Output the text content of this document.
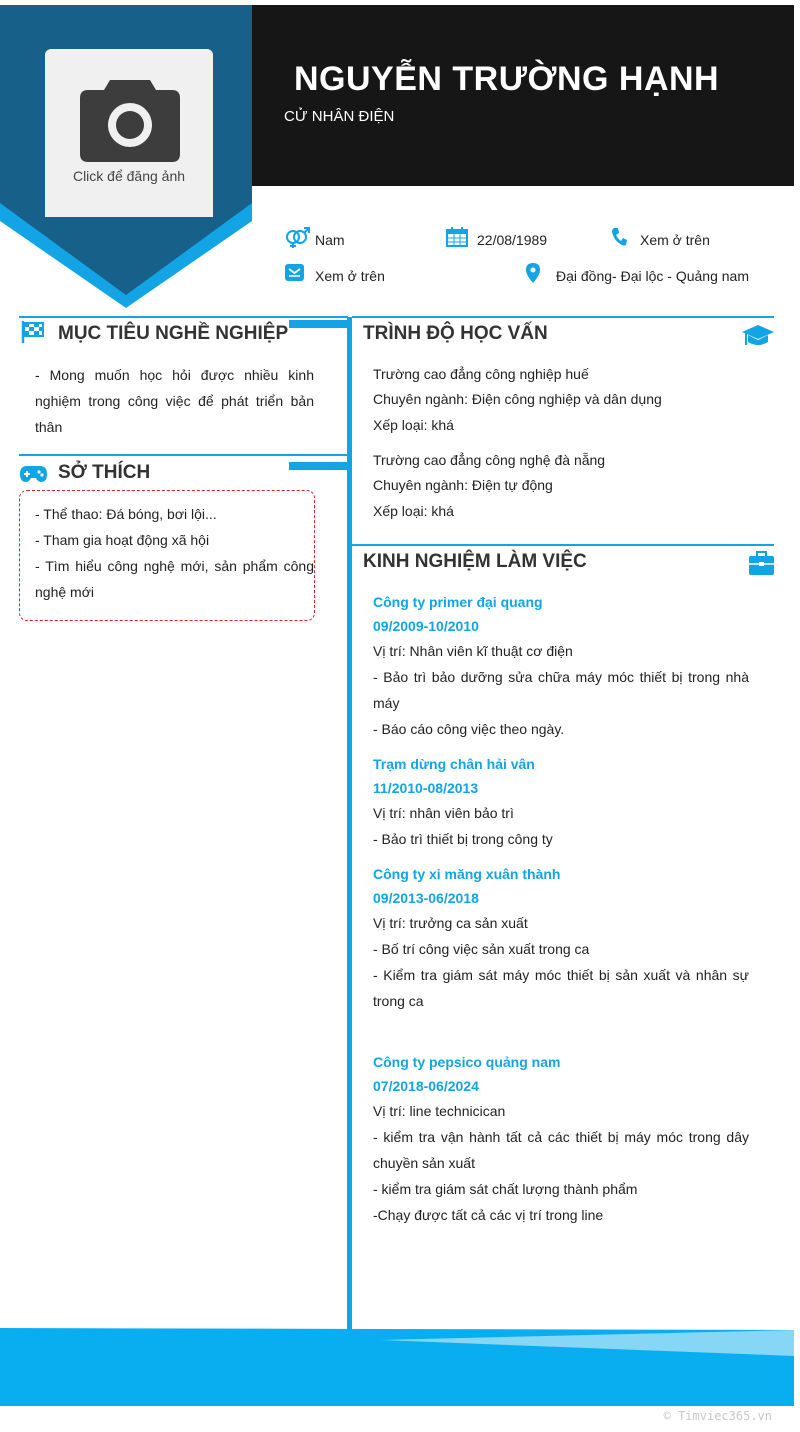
NGUYỄN TRƯỜNG HẠNH
CỬ NHÂN ĐIỆN
Click để đăng ảnh
Nam	22/08/1989	Xem ở trên
Xem ở trên	Đại đồng- Đại lộc - Quảng nam
MỤC TIÊU NGHỀ NGHIỆP
- Mong muốn học hỏi được nhiều kinh nghiệm trong công việc để phát triển bản thân
SỞ THÍCH
- Thể thao: Đá bóng, bơi lội...
- Tham gia hoạt động xã hội
- Tìm hiểu công nghệ mới, sản phẩm công nghệ mới
TRÌNH ĐỘ HỌC VẤN
Trường cao đẳng công nghiệp huế
Chuyên ngành: Điện công nghiệp và dân dụng
Xếp loại: khá
Trường cao đẳng công nghệ đà nẵng
Chuyên ngành: Điện tự động
Xếp loại: khá
KINH NGHIỆM LÀM VIỆC
Công ty primer đại quang
09/2009-10/2010
Vị trí: Nhân viên kĩ thuật cơ điện
- Bảo trì bảo dưỡng sửa chữa máy móc thiết bị trong nhà máy
- Báo cáo công việc theo ngày.
Trạm dừng chân hải vân
11/2010-08/2013
Vị trí: nhân viên bảo trì
- Bảo trì thiết bị trong công ty
Công ty xi măng xuân thành
09/2013-06/2018
Vị trí: trưởng ca sản xuất
- Bố trí công việc sản xuất trong ca
- Kiểm tra giám sát máy móc thiết bị sản xuất và nhân sự trong ca
Công ty pepsico quảng nam
07/2018-06/2024
Vị trí: line technicican
- kiểm tra vận hành tất cả các thiết bị máy móc trong dây chuyền sản xuất
- kiểm tra giám sát chất lượng thành phẩm
-Chạy được tất cả các vị trí trong line
© Timviec365.vn
